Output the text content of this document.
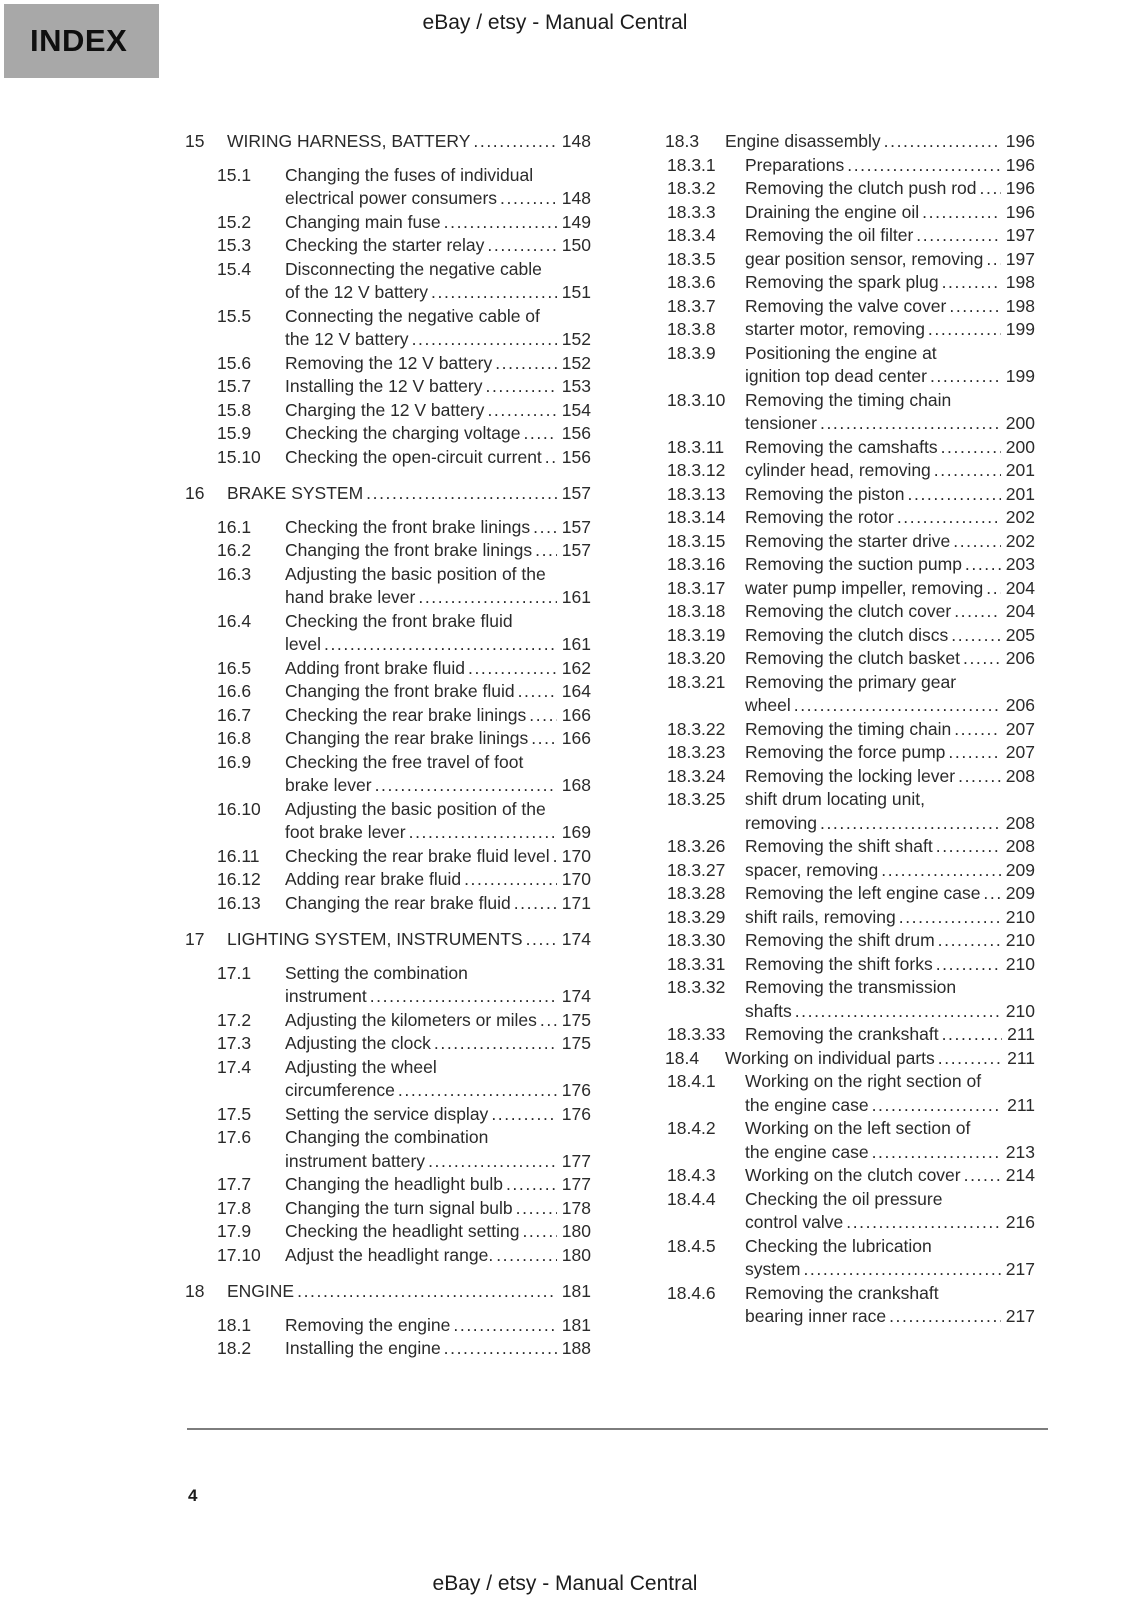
INDEX
eBay / etsy - Manual Central
15	WIRING HARNESS, BATTERY .....	148
15.1	Changing the fuses of individual
electrical power consumers .....	148
15.2	Changing main fuse .....	149
15.3	Checking the starter relay .....	150
15.4	Disconnecting the negative cable
of the 12 V battery .....	151
15.5	Connecting the negative cable of
the 12 V battery .....	152
15.6	Removing the 12 V battery .....	152
15.7	Installing the 12 V battery .....	153
15.8	Charging the 12 V battery .....	154
15.9	Checking the charging voltage ..... 156
15.10	Checking the open-circuit current ..... 156
16	BRAKE SYSTEM .....	157
16.1	Checking the front brake linings ..... 157
16.2	Changing the front brake linings ..... 157
16.3	Adjusting the basic position of the
hand brake lever .....	161
16.4	Checking the front brake fluid
level .....	161
16.5	Adding front brake fluid .....	162
16.6	Changing the front brake fluid .....	164
16.7	Checking the rear brake linings ..... 166
16.8	Changing the rear brake linings ..... 166
16.9	Checking the free travel of foot
brake lever .....	168
16.10	Adjusting the basic position of the
foot brake lever .....	169
16.11	Checking the rear brake fluid level ..... 170
16.12	Adding rear brake fluid .....	170
16.13	Changing the rear brake fluid .....	171
17	LIGHTING SYSTEM, INSTRUMENTS ..... 174
17.1	Setting the combination
instrument .....	174
17.2	Adjusting the kilometers or miles ..... 175
17.3	Adjusting the clock .....	175
17.4	Adjusting the wheel
circumference .....	176
17.5	Setting the service display .....	176
17.6	Changing the combination
instrument battery .....	177
17.7	Changing the headlight bulb .....	177
17.8	Changing the turn signal bulb .....	178
17.9	Checking the headlight setting ..... 180
17.10	Adjust the headlight range. .....	180
18	ENGINE .....	181
18.1	Removing the engine .....	181
18.2	Installing the engine .....	188
18.3	Engine disassembly .....	196
18.3.1	Preparations .....	196
18.3.2	Removing the clutch push rod ..... 196
18.3.3	Draining the engine oil .....	196
18.3.4	Removing the oil filter .....	197
18.3.5	gear position sensor, removing ..... 197
18.3.6	Removing the spark plug .....	198
18.3.7	Removing the valve cover .....	198
18.3.8	starter motor, removing .....	199
18.3.9	Positioning the engine at
ignition top dead center .....	199
18.3.10	Removing the timing chain
tensioner .....	200
18.3.11	Removing the camshafts .....	200
18.3.12	cylinder head, removing .....	201
18.3.13	Removing the piston .....	201
18.3.14	Removing the rotor .....	202
18.3.15	Removing the starter drive .....	202
18.3.16	Removing the suction pump .....	203
18.3.17	water pump impeller, removing ..... 204
18.3.18	Removing the clutch cover .....	204
18.3.19	Removing the clutch discs .....	205
18.3.20	Removing the clutch basket .....	206
18.3.21	Removing the primary gear
wheel .....	206
18.3.22	Removing the timing chain .....	207
18.3.23	Removing the force pump .....	207
18.3.24	Removing the locking lever .....	208
18.3.25	shift drum locating unit,
removing .....	208
18.3.26	Removing the shift shaft .....	208
18.3.27	spacer, removing .....	209
18.3.28	Removing the left engine case ..... 209
18.3.29	shift rails, removing .....	210
18.3.30	Removing the shift drum .....	210
18.3.31	Removing the shift forks .....	210
18.3.32	Removing the transmission
shafts .....	210
18.3.33	Removing the crankshaft .....	211
18.4	Working on individual parts .....	211
18.4.1	Working on the right section of
the engine case .....	211
18.4.2	Working on the left section of
the engine case .....	213
18.4.3	Working on the clutch cover .....	214
18.4.4	Checking the oil pressure
control valve .....	216
18.4.5	Checking the lubrication
system .....	217
18.4.6	Removing the crankshaft
bearing inner race .....	217
4
eBay / etsy - Manual Central
